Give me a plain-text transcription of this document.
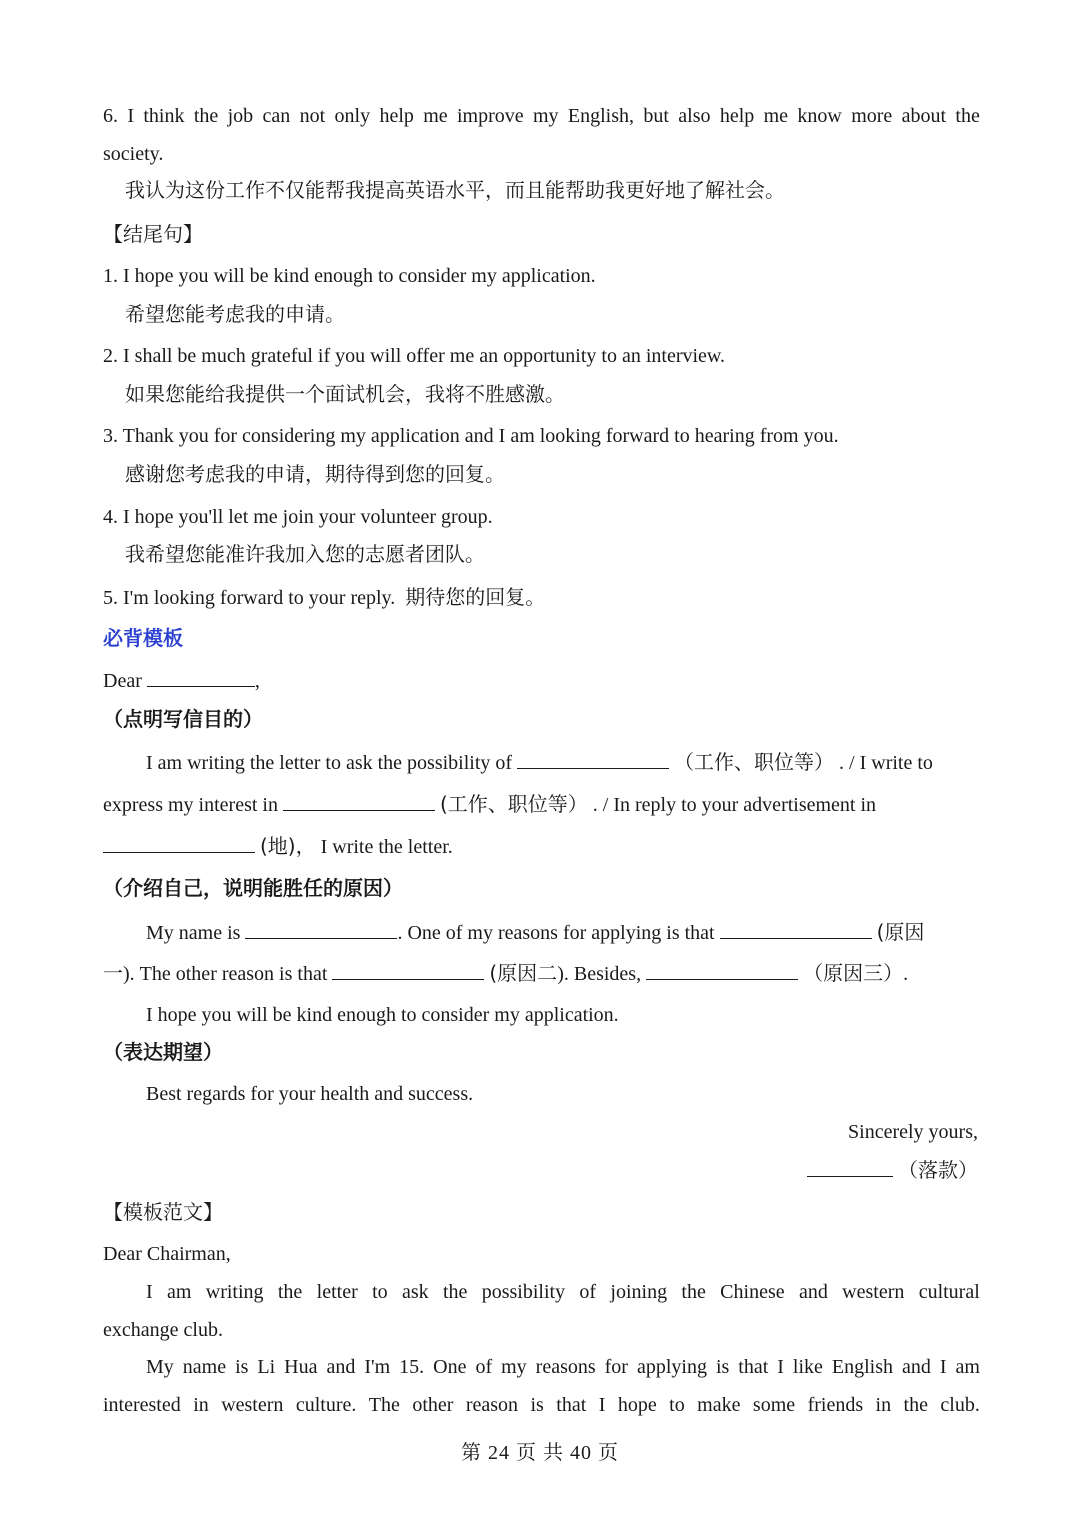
6. I think the job can not only help me improve my English, but also help me know more about the
society.
我认为这份工作不仅能帮我提高英语水平，而且能帮助我更好地了解社会。
【结尾句】
1. I hope you will be kind enough to consider my application.
希望您能考虑我的申请。
2. I shall be much grateful if you will offer me an opportunity to an interview.
如果您能给我提供一个面试机会，我将不胜感激。
3. Thank you for considering my application and I am looking forward to hearing from you.
感谢您考虑我的申请，期待得到您的回复。
4. I hope you'll let me join your volunteer group.
我希望您能准许我加入您的志愿者团队。
5. I'm looking forward to your reply. 期待您的回复。
必背模板
Dear	,
（点明写信目的）
I am writing the letter to ask the possibility of	（工作、职位等） . / I write to
express my interest in	(工作、职位等） . / In reply to your advertisement in
(地)， I write the letter.
（介绍自己，说明能胜任的原因）
My name is	. One of my reasons for applying is that	(原因
一). The other reason is that	(原因二). Besides,	（原因三）.
I hope you will be kind enough to consider my application.
（表达期望）
Best regards for your health and success.
Sincerely yours,
（落款）
【模板范文】
Dear Chairman,
I am writing the letter to ask the possibility of joining the Chinese and western cultural
exchange club.
My name is Li Hua and I'm 15. One of my reasons for applying is that I like English and I am
interested in western culture. The other reason is that I hope to make some friends in the club.
第 24 页 共 40 页
